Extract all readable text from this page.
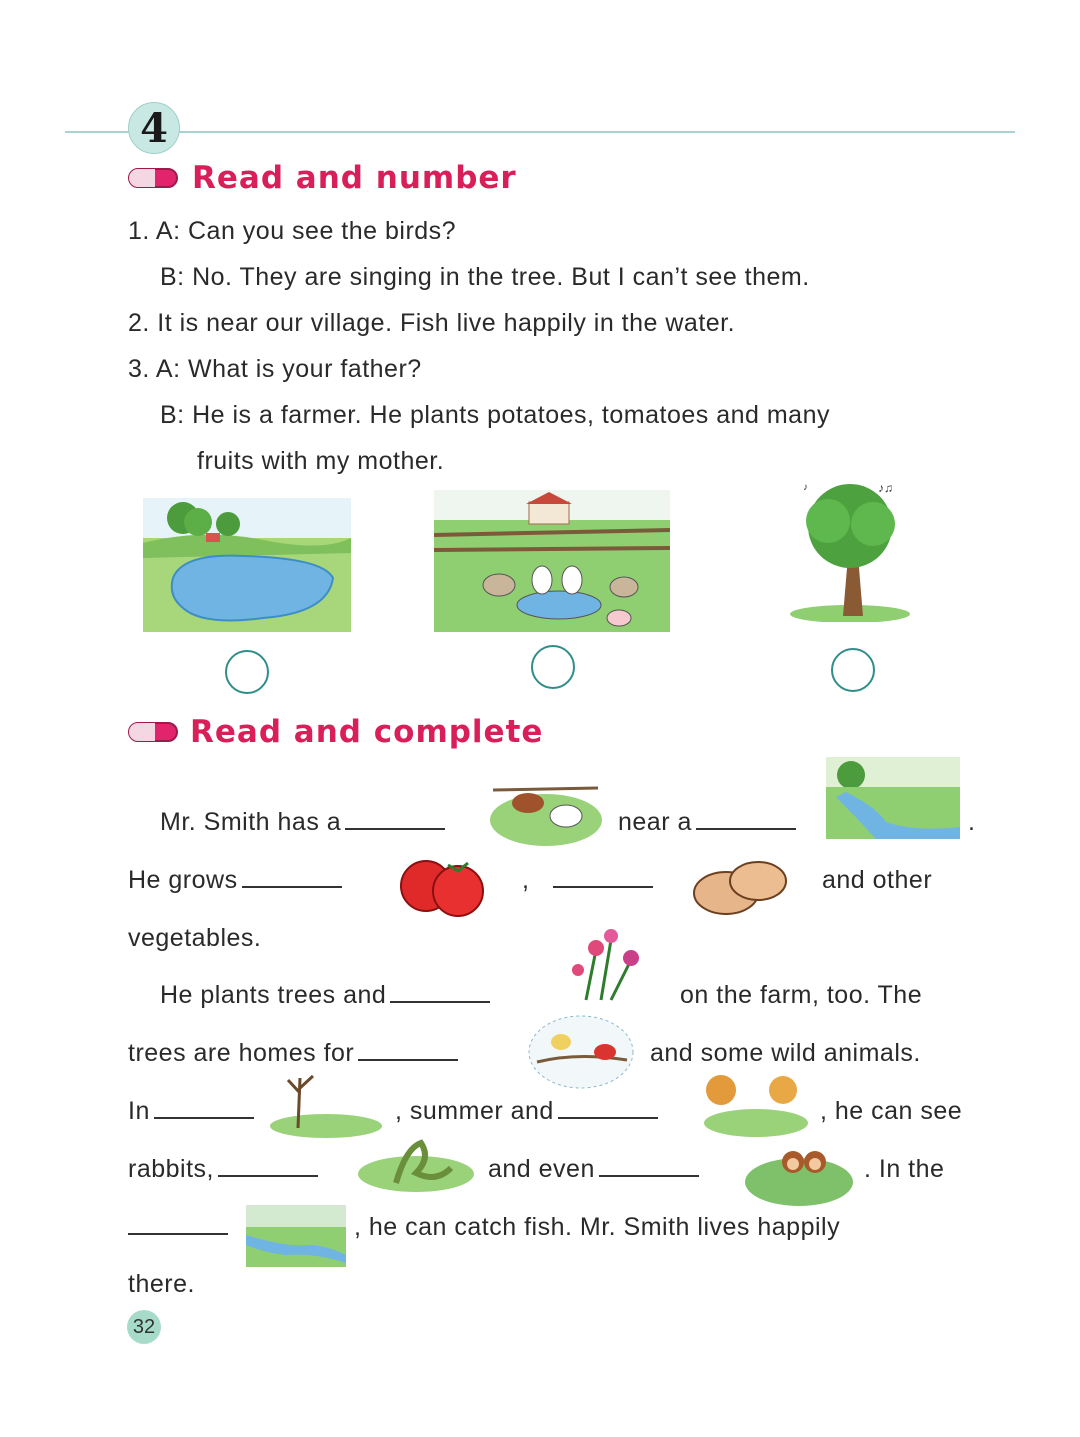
4
Read and number
1. A: Can you see the birds?
B: No. They are singing in the tree. But I can’t see them.
2. It is near our village. Fish live happily in the water.
3. A: What is your father?
B: He is a farmer. He plants potatoes, tomatoes and many
fruits with my mother.
♪♫
♪
Read and complete
Mr. Smith has a	near a	.
He grows	,	and other
vegetables.
He plants trees and	on the farm, too. The
trees are homes for	and some wild animals.
In	, summer and	, he can see
rabbits,	and even	. In the
, he can catch fish. Mr. Smith lives happily
there.
32
